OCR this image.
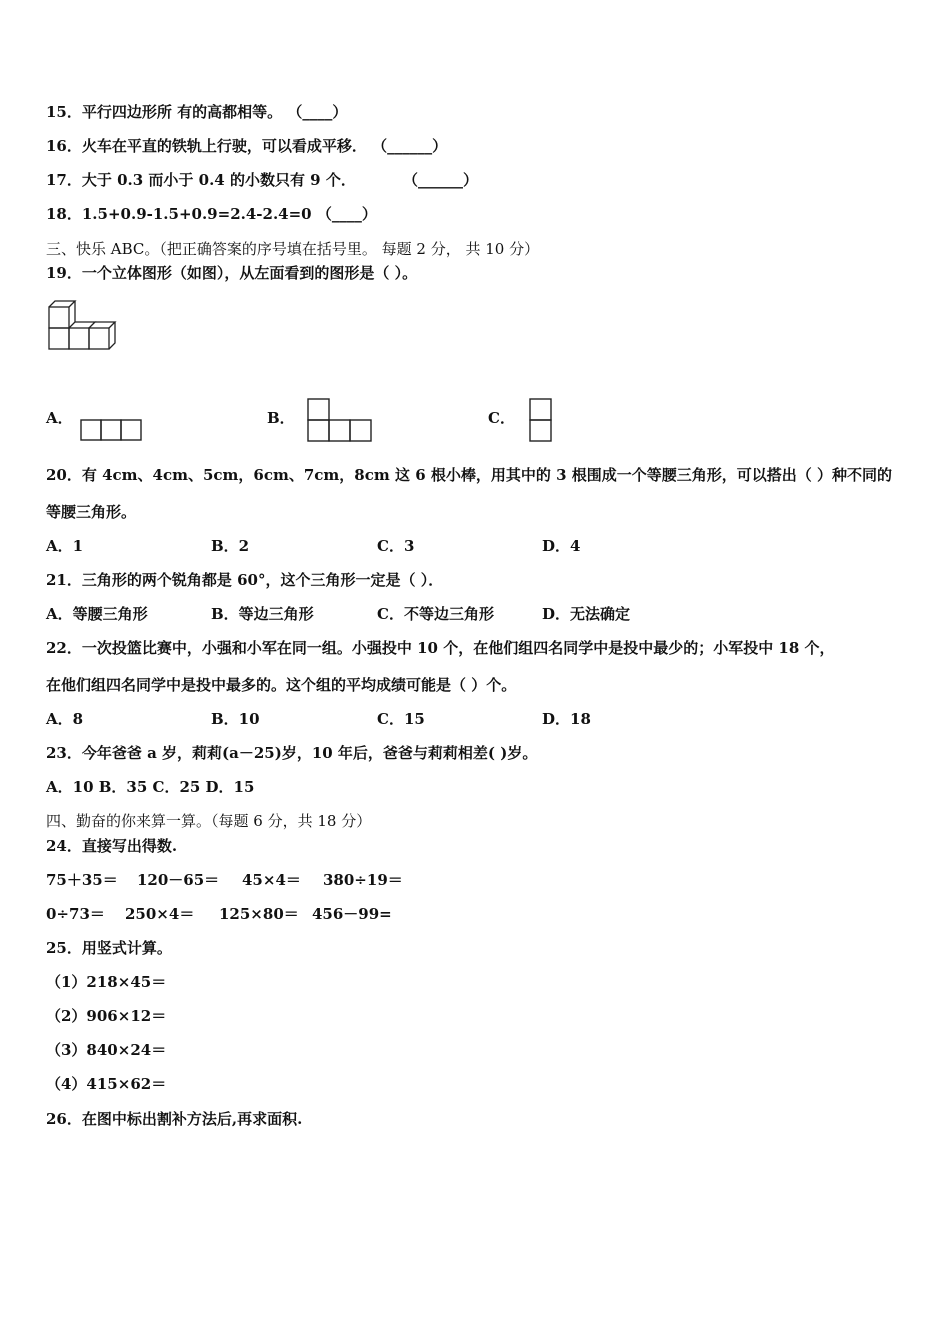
15．平行四边形所 有的高都相等。 （____）
16．火车在平直的铁轨上行驶，可以看成平移． （______）
17．大于 0.3 而小于 0.4 的小数只有 9 个．	（______）
18．1.5+0.9-1.5+0.9=2.4-2.4=0 （____）
三、快乐 ABC。（把正确答案的序号填在括号里。 每题 2 分， 共 10 分）
19．一个立体图形（如图），从左面看到的图形是（ ）。
A．	B．	C．
20．有 4cm、4cm、5cm，6cm、7cm，8cm 这 6 根小棒，用其中的 3 根围成一个等腰三角形，可以搭出（ ）种不同的
等腰三角形。
A．1	B．2	C．3	D．4
21．三角形的两个锐角都是 60°，这个三角形一定是（ ）．
A．等腰三角形	B．等边三角形	C．不等边三角形	D．无法确定
22．一次投篮比赛中，小强和小军在同一组。小强投中 10 个，在他们组四名同学中是投中最少的；小军投中 18 个，
在他们组四名同学中是投中最多的。这个组的平均成绩可能是（ ）个。
A．8	B．10	C．15	D．18
23．今年爸爸 a 岁，莉莉(a－25)岁，10 年后，爸爸与莉莉相差( )岁。
A．10 B．35 C．25 D．15
四、勤奋的你来算一算。（每题 6 分，共 18 分）
24．直接写出得数.
75＋35＝ 120－65＝ 45×4＝ 380÷19＝
0÷73＝ 250×4＝ 125×80＝ 456－99=
25．用竖式计算。
（1）218×45＝
（2）906×12＝
（3）840×24＝
（4）415×62＝
26．在图中标出割补方法后,再求面积.
